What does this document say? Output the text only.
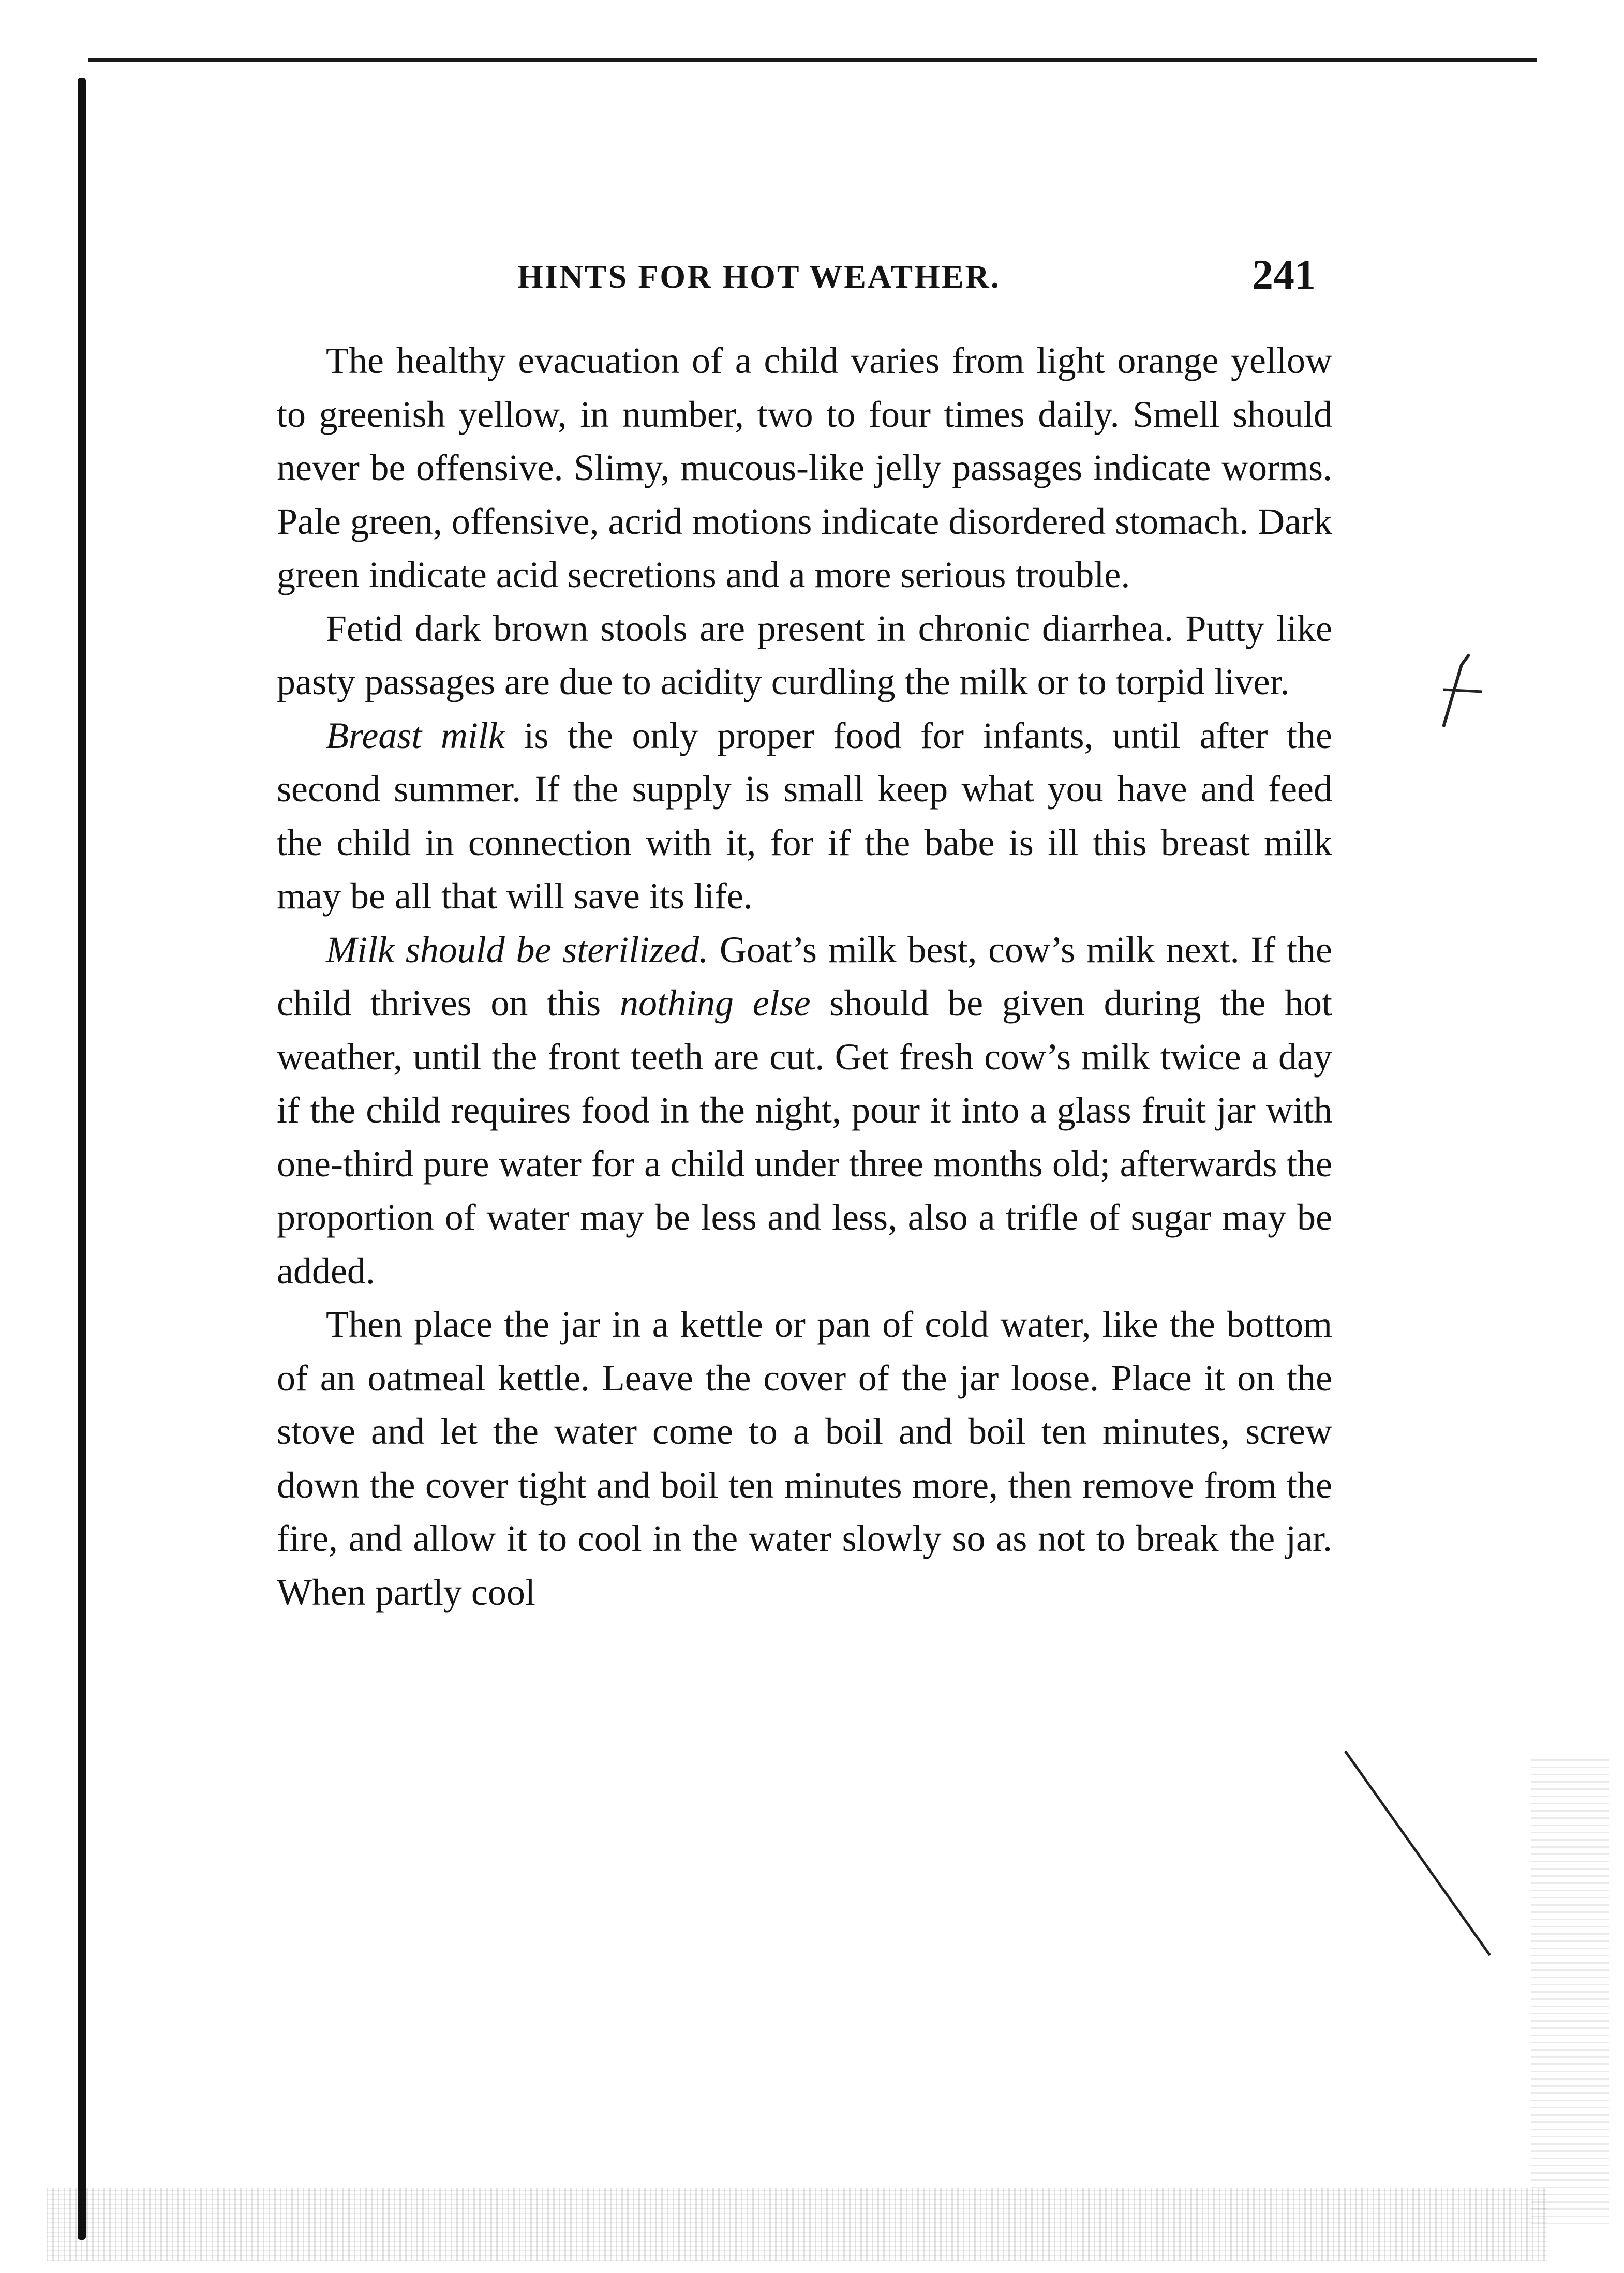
HINTS FOR HOT WEATHER.	241

The healthy evacuation of a child varies from light orange yellow to greenish yellow, in number, two to four times daily. Smell should never be offensive. Slimy, mucous-like jelly passages indicate worms. Pale green, offensive, acrid motions indicate disordered stomach. Dark green indicate acid secretions and a more serious trouble.

Fetid dark brown stools are present in chronic diarrhea. Putty like pasty passages are due to acidity curdling the milk or to torpid liver.

Breast milk is the only proper food for infants, until after the second summer. If the supply is small keep what you have and feed the child in connection with it, for if the babe is ill this breast milk may be all that will save its life.

Milk should be sterilized. Goat’s milk best, cow’s milk next. If the child thrives on this nothing else should be given during the hot weather, until the front teeth are cut. Get fresh cow’s milk twice a day if the child requires food in the night, pour it into a glass fruit jar with one-third pure water for a child under three months old; afterwards the proportion of water may be less and less, also a trifle of sugar may be added.

Then place the jar in a kettle or pan of cold water, like the bottom of an oatmeal kettle. Leave the cover of the jar loose. Place it on the stove and let the water come to a boil and boil ten minutes, screw down the cover tight and boil ten minutes more, then remove from the fire, and allow it to cool in the water slowly so as not to break the jar. When partly cool
